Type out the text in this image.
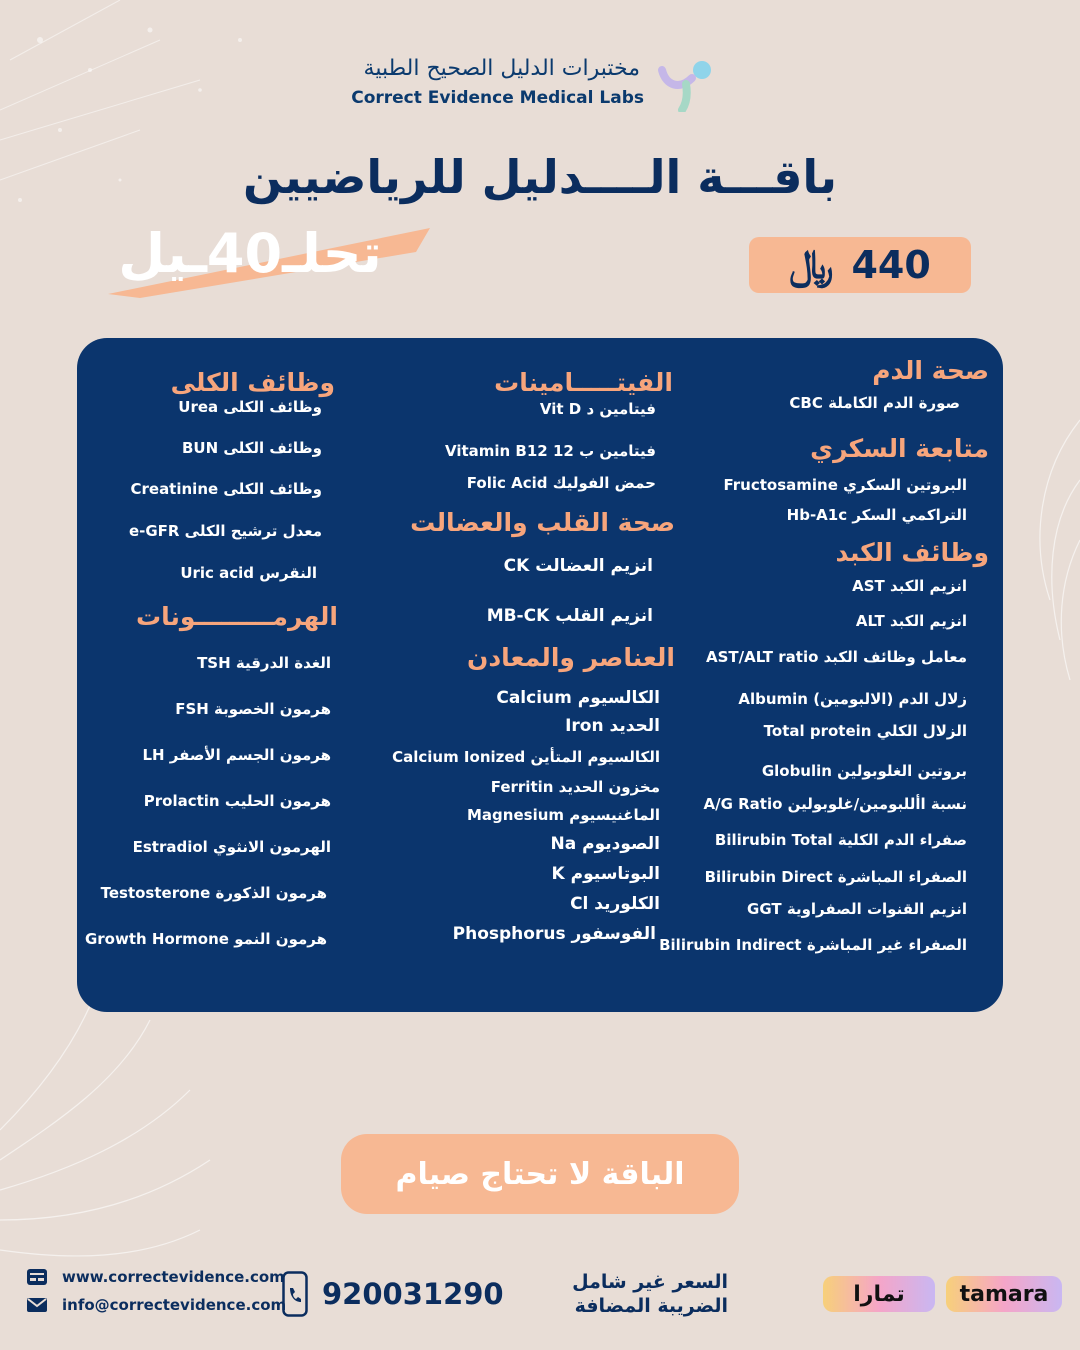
مختبرات الدليل الصحيح الطبية
Correct Evidence Medical Labs
باقـــة الــــدليل للرياضيين
تحلـ40ـيل	﷼ 440
صحة الدم
صورة الدم الكاملة CBC
متابعة السكري
البروتين السكري Fructosamine
التراكمي السكر Hb-A1c
وظائف الكبد
انزيم الكبد AST
انزيم الكبد ALT
معامل وظائف الكبد AST/ALT ratio
زلال الدم (الالبومين) Albumin
الزلال الكلي Total protein
بروتين الغلوبولين Globulin
نسبة األلبومين/غلوبولين A/G Ratio
صفراء الدم الكلية Bilirubin Total
الصفراء المباشرة Bilirubin Direct
انزيم القنوات الصفراوية GGT
الصفراء غير المباشرة Bilirubin Indirect
الفيتـــــامينات
فيتامين د Vit D
فيتامين ب 12 Vitamin B12
حمض الفوليك Folic Acid
صحة القلب والعضالت
انزيم العضالت CK
انزيم القلب MB-CK
العناصر والمعادن
الكالسيوم Calcium
الحديد Iron
الكالسيوم المتأين Calcium Ionized
مخزون الحديد Ferritin
الماغنيسيوم Magnesium
الصوديوم Na
البوتاسيوم K
الكلوريد Cl
الفوسفور Phosphorus
وظائف الكلى
وظائف الكلى Urea
وظائف الكلى BUN
وظائف الكلى Creatinine
معدل ترشيح الكلى e-GFR
النقرس Uric acid
الهرمـــــــــونات
الغدة الدرقية TSH
هرمون الخصوبة FSH
هرمون الجسم الأصفر LH
هرمون الحليب Prolactin
الهرمون الانثوي Estradiol
هرمون الذكورة Testosterone
هرمون النمو Growth Hormone
الباقة لا تحتاج صيام
www.correctevidence.com
info@correctevidence.com 920031290	السعر غير شامل
الضريبة المضافة	تمارا	tamara
